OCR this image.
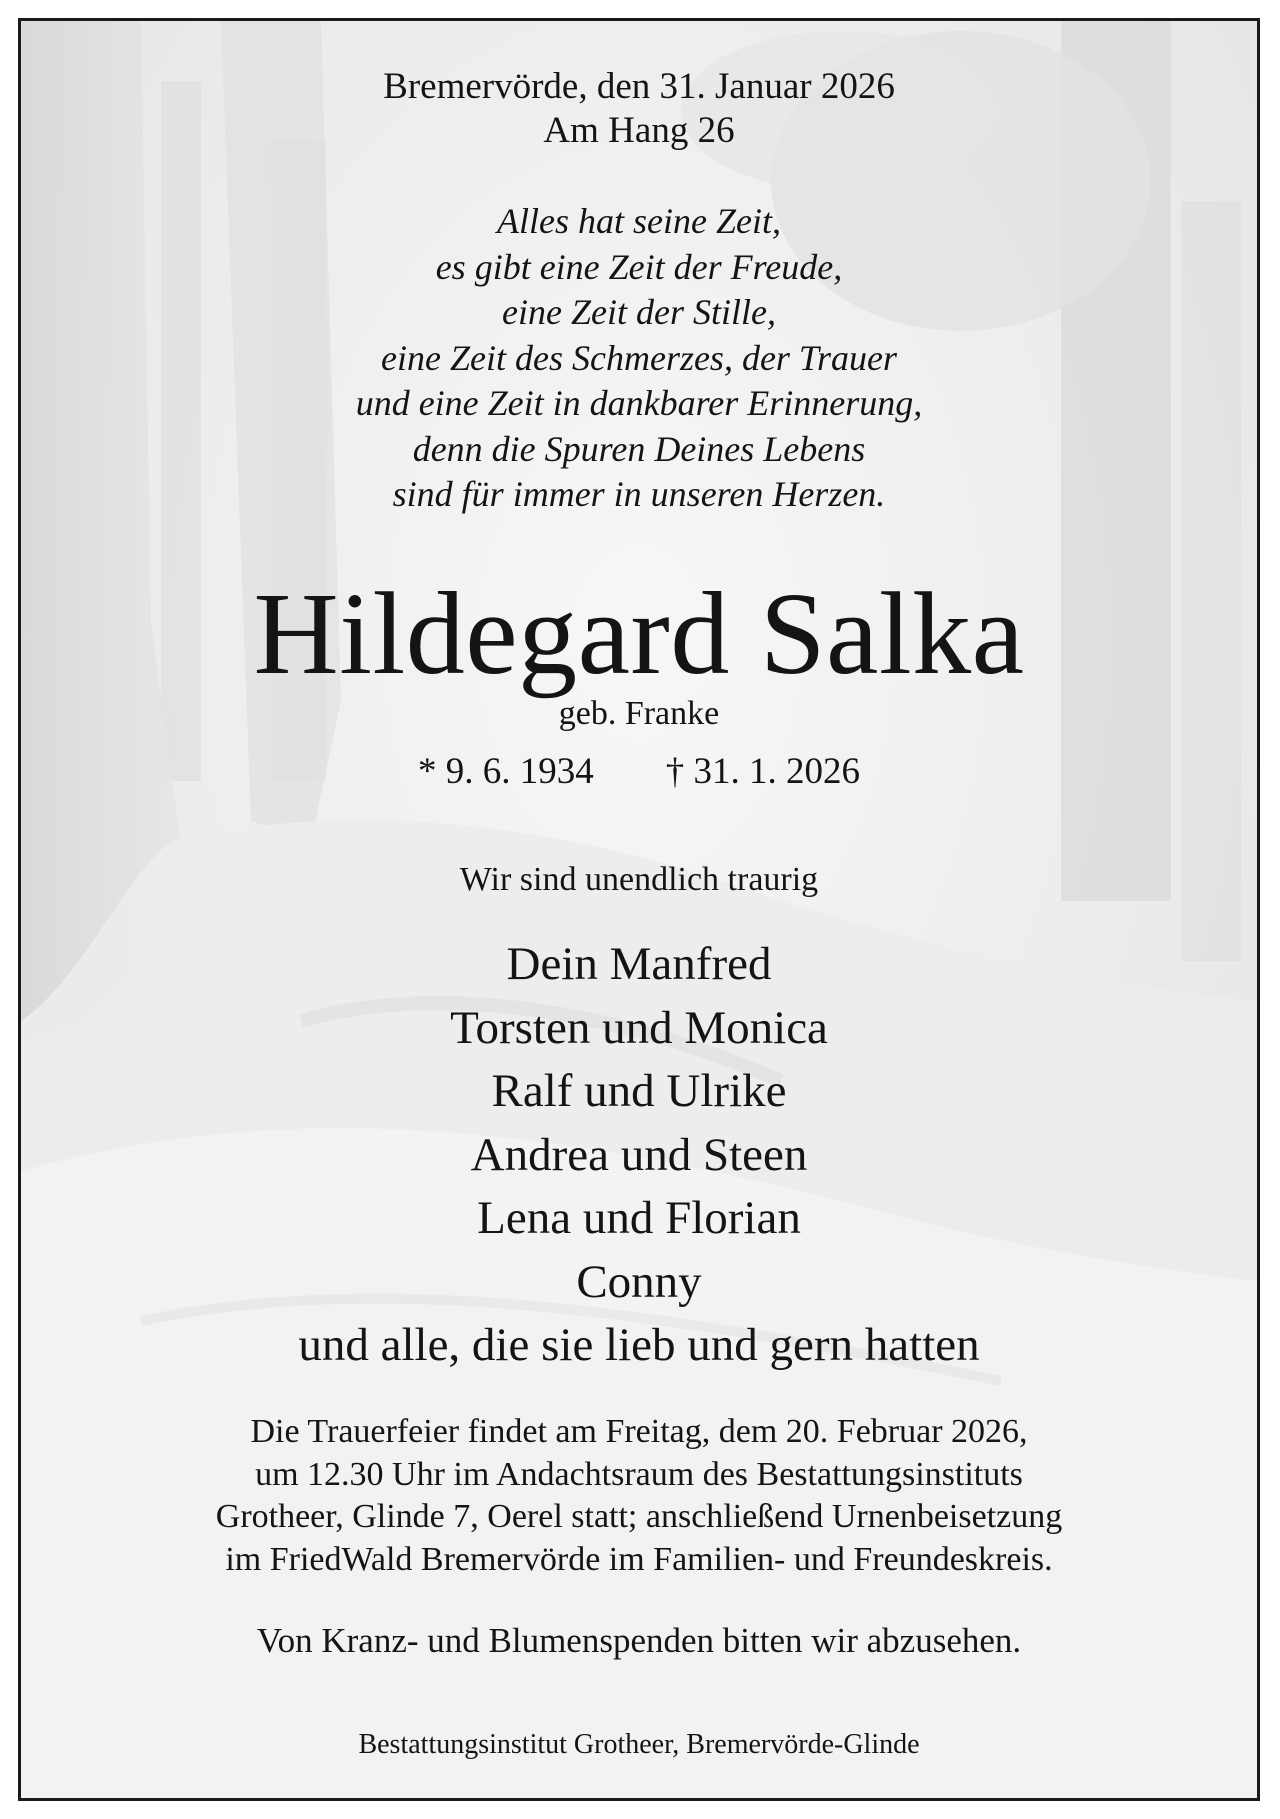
Bremervörde, den 31. Januar 2026
Am Hang 26
Alles hat seine Zeit,
es gibt eine Zeit der Freude,
eine Zeit der Stille,
eine Zeit des Schmerzes, der Trauer
und eine Zeit in dankbarer Erinnerung,
denn die Spuren Deines Lebens
sind für immer in unseren Herzen.
Hildegard Salka
geb. Franke
* 9. 6. 1934 † 31. 1. 2026
Wir sind unendlich traurig
Dein Manfred
Torsten und Monica
Ralf und Ulrike
Andrea und Steen
Lena und Florian
Conny
und alle, die sie lieb und gern hatten
Die Trauerfeier findet am Freitag, dem 20. Februar 2026,
um 12.30 Uhr im Andachtsraum des Bestattungsinstituts
Grotheer, Glinde 7, Oerel statt; anschließend Urnenbeisetzung
im FriedWald Bremervörde im Familien- und Freundeskreis.
Von Kranz- und Blumenspenden bitten wir abzusehen.
Bestattungsinstitut Grotheer, Bremervörde-Glinde
